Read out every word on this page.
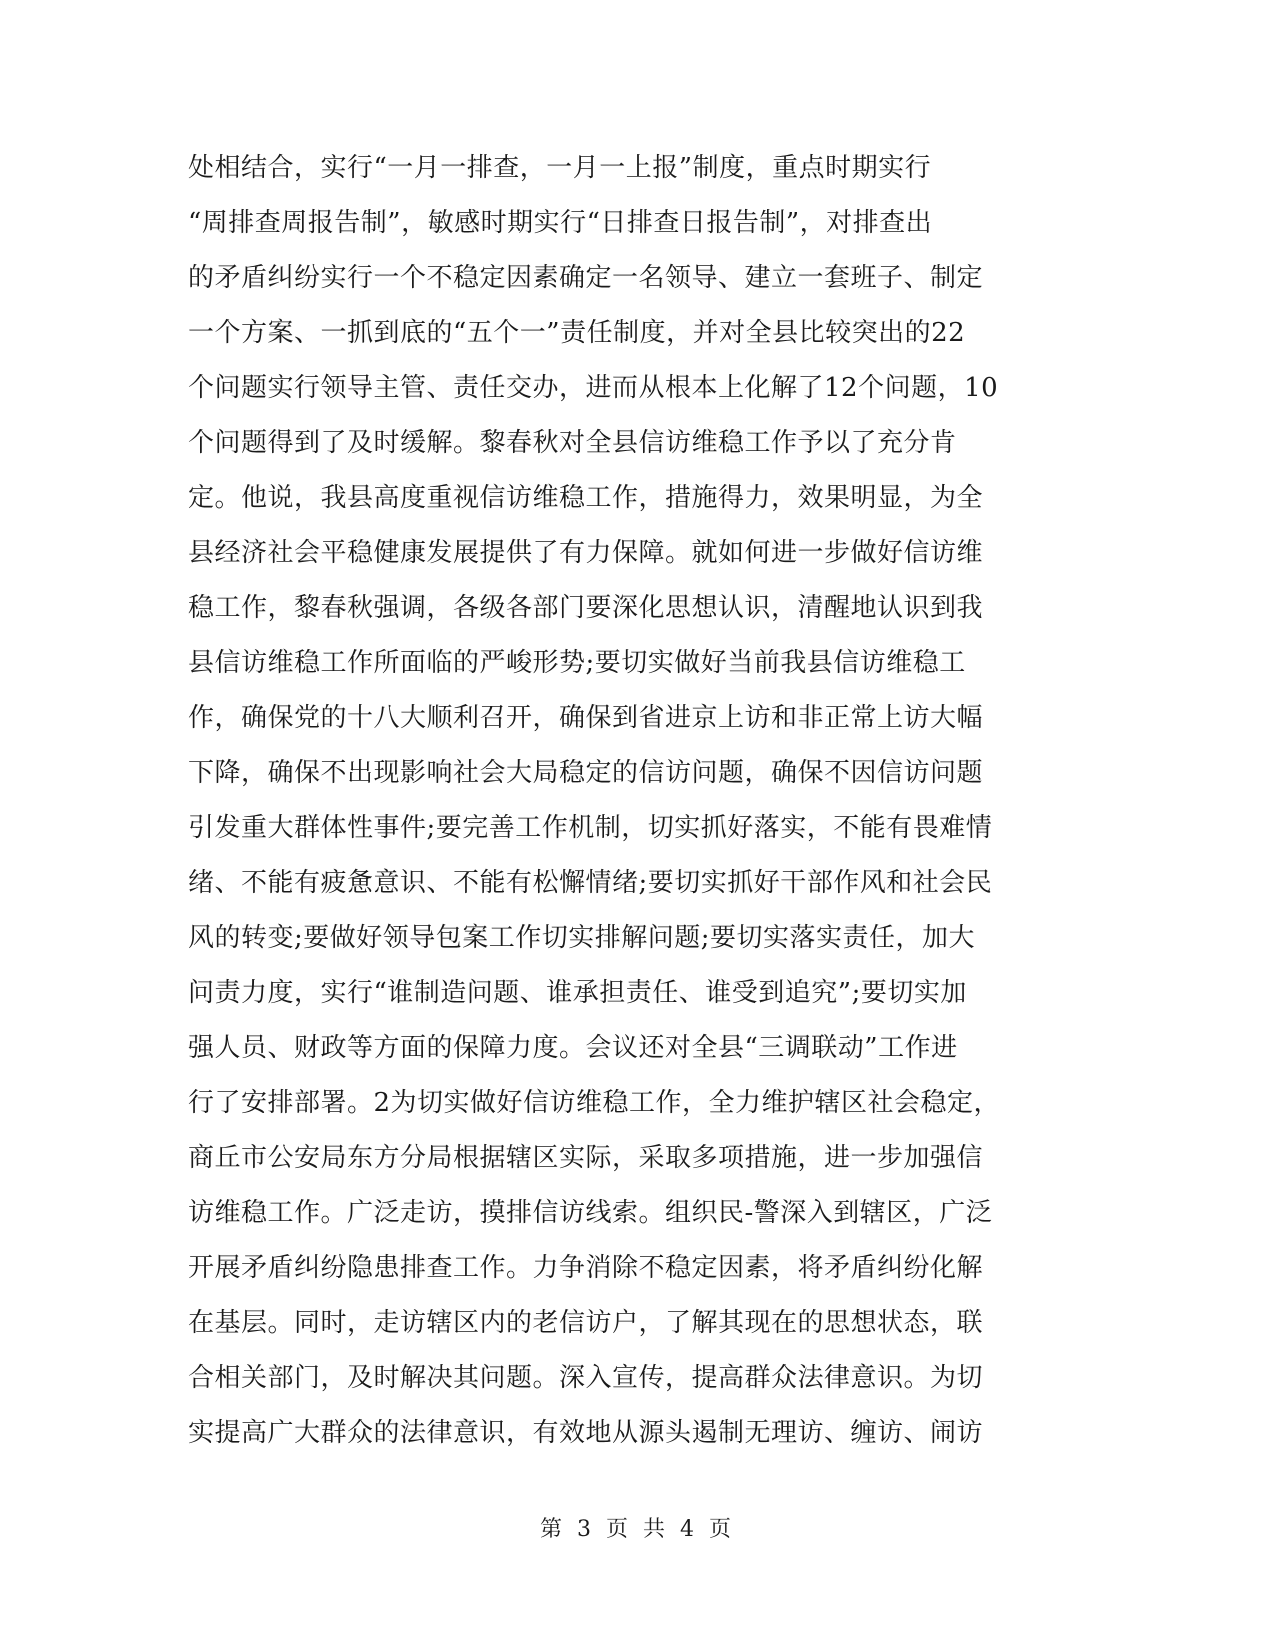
处相结合，实行“一月一排查，一月一上报”制度，重点时期实行
“周排查周报告制”，敏感时期实行“日排查日报告制”，对排查出
的矛盾纠纷实行一个不稳定因素确定一名领导、建立一套班子、制定
一个方案、一抓到底的“五个一”责任制度，并对全县比较突出的22
个问题实行领导主管、责任交办，进而从根本上化解了12个问题，10
个问题得到了及时缓解。黎春秋对全县信访维稳工作予以了充分肯
定。他说，我县高度重视信访维稳工作，措施得力，效果明显，为全
县经济社会平稳健康发展提供了有力保障。就如何进一步做好信访维
稳工作，黎春秋强调，各级各部门要深化思想认识，清醒地认识到我
县信访维稳工作所面临的严峻形势;要切实做好当前我县信访维稳工
作，确保党的十八大顺利召开，确保到省进京上访和非正常上访大幅
下降，确保不出现影响社会大局稳定的信访问题，确保不因信访问题
引发重大群体性事件;要完善工作机制，切实抓好落实，不能有畏难情
绪、不能有疲惫意识、不能有松懈情绪;要切实抓好干部作风和社会民
风的转变;要做好领导包案工作切实排解问题;要切实落实责任，加大
问责力度，实行“谁制造问题、谁承担责任、谁受到追究”;要切实加
强人员、财政等方面的保障力度。会议还对全县“三调联动”工作进
行了安排部署。2为切实做好信访维稳工作，全力维护辖区社会稳定，
商丘市公安局东方分局根据辖区实际，采取多项措施，进一步加强信
访维稳工作。广泛走访，摸排信访线索。组织民-警深入到辖区，广泛
开展矛盾纠纷隐患排查工作。力争消除不稳定因素，将矛盾纠纷化解
在基层。同时，走访辖区内的老信访户，了解其现在的思想状态，联
合相关部门，及时解决其问题。深入宣传，提高群众法律意识。为切
实提高广大群众的法律意识，有效地从源头遏制无理访、缠访、闹访
第 3 页 共 4 页
